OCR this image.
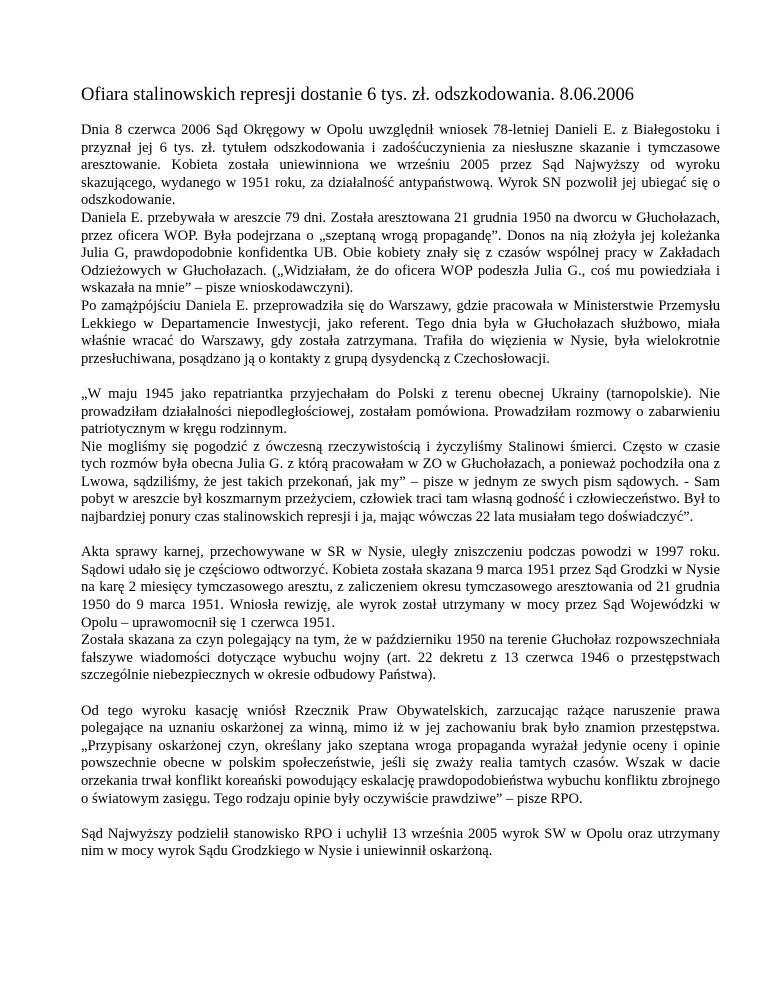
Ofiara stalinowskich represji dostanie 6 tys. zł. odszkodowania. 8.06.2006
Dnia 8 czerwca 2006 Sąd Okręgowy w Opolu uwzględnił wniosek 78-letniej Danieli E. z Białegostoku i przyznał jej 6 tys. zł. tytułem odszkodowania i zadośćuczynienia za niesłuszne skazanie i tymczasowe aresztowanie. Kobieta została uniewinniona we wrześniu 2005 przez Sąd Najwyższy od wyroku skazującego, wydanego w 1951 roku, za działalność antypaństwową. Wyrok SN pozwolił jej ubiegać się o odszkodowanie.
Daniela E. przebywała w areszcie 79 dni. Została aresztowana 21 grudnia 1950 na dworcu w Głuchołazach, przez oficera WOP. Była podejrzana o „szeptaną wrogą propagandę”. Donos na nią złożyła jej koleżanka Julia G, prawdopodobnie konfidentka UB. Obie kobiety znały się z czasów wspólnej pracy w Zakładach Odzieżowych w Głuchołazach. („Widziałam, że do oficera WOP podeszła Julia G., coś mu powiedziała i wskazała na mnie” – pisze wnioskodawczyni).
Po zamążpójściu Daniela E. przeprowadziła się do Warszawy, gdzie pracowała w Ministerstwie Przemysłu Lekkiego w Departamencie Inwestycji, jako referent. Tego dnia była w Głuchołazach służbowo, miała właśnie wracać do Warszawy, gdy została zatrzymana. Trafiła do więzienia w Nysie, była wielokrotnie przesłuchiwana, posądzano ją o kontakty z grupą dysydencką z Czechosłowacji.
„W maju 1945 jako repatriantka przyjechałam do Polski z terenu obecnej Ukrainy (tarnopolskie). Nie prowadziłam działalności niepodległościowej, zostałam pomówiona. Prowadziłam rozmowy o zabarwieniu patriotycznym w kręgu rodzinnym.
Nie mogliśmy się pogodzić z ówczesną rzeczywistością i życzyliśmy Stalinowi śmierci. Często w czasie tych rozmów była obecna Julia G. z którą pracowałam w ZO w Głuchołazach, a ponieważ pochodziła ona z Lwowa, sądziliśmy, że jest takich przekonań, jak my” – pisze w jednym ze swych pism sądowych. - Sam pobyt w areszcie był koszmarnym przeżyciem, człowiek traci tam własną godność i człowieczeństwo. Był to najbardziej ponury czas stalinowskich represji i ja, mając wówczas 22 lata musiałam tego doświadczyć”.
Akta sprawy karnej, przechowywane w SR w Nysie, uległy zniszczeniu podczas powodzi w 1997 roku. Sądowi udało się je częściowo odtworzyć. Kobieta została skazana 9 marca 1951 przez Sąd Grodzki w Nysie na karę 2 miesięcy tymczasowego aresztu, z zaliczeniem okresu tymczasowego aresztowania od 21 grudnia 1950 do 9 marca 1951. Wniosła rewizję, ale wyrok został utrzymany w mocy przez Sąd Wojewódzki w Opolu – uprawomocnił się 1 czerwca 1951.
Została skazana za czyn polegający na tym, że w październiku 1950 na terenie Głuchołaz rozpowszechniała fałszywe wiadomości dotyczące wybuchu wojny (art. 22 dekretu z 13 czerwca 1946 o przestępstwach szczególnie niebezpiecznych w okresie odbudowy Państwa).
Od tego wyroku kasację wniósł Rzecznik Praw Obywatelskich, zarzucając rażące naruszenie prawa polegające na uznaniu oskarżonej za winną, mimo iż w jej zachowaniu brak było znamion przestępstwa. „Przypisany oskarżonej czyn, określany jako szeptana wroga propaganda wyrażał jedynie oceny i opinie powszechnie obecne w polskim społeczeństwie, jeśli się zważy realia tamtych czasów. Wszak w dacie orzekania trwał konflikt koreański powodujący eskalację prawdopodobieństwa wybuchu konfliktu zbrojnego o światowym zasięgu. Tego rodzaju opinie były oczywiście prawdziwe” – pisze RPO.
Sąd Najwyższy podzielił stanowisko RPO i uchylił 13 września 2005 wyrok SW w Opolu oraz utrzymany nim w mocy wyrok Sądu Grodzkiego w Nysie i uniewinnił oskarżoną.
